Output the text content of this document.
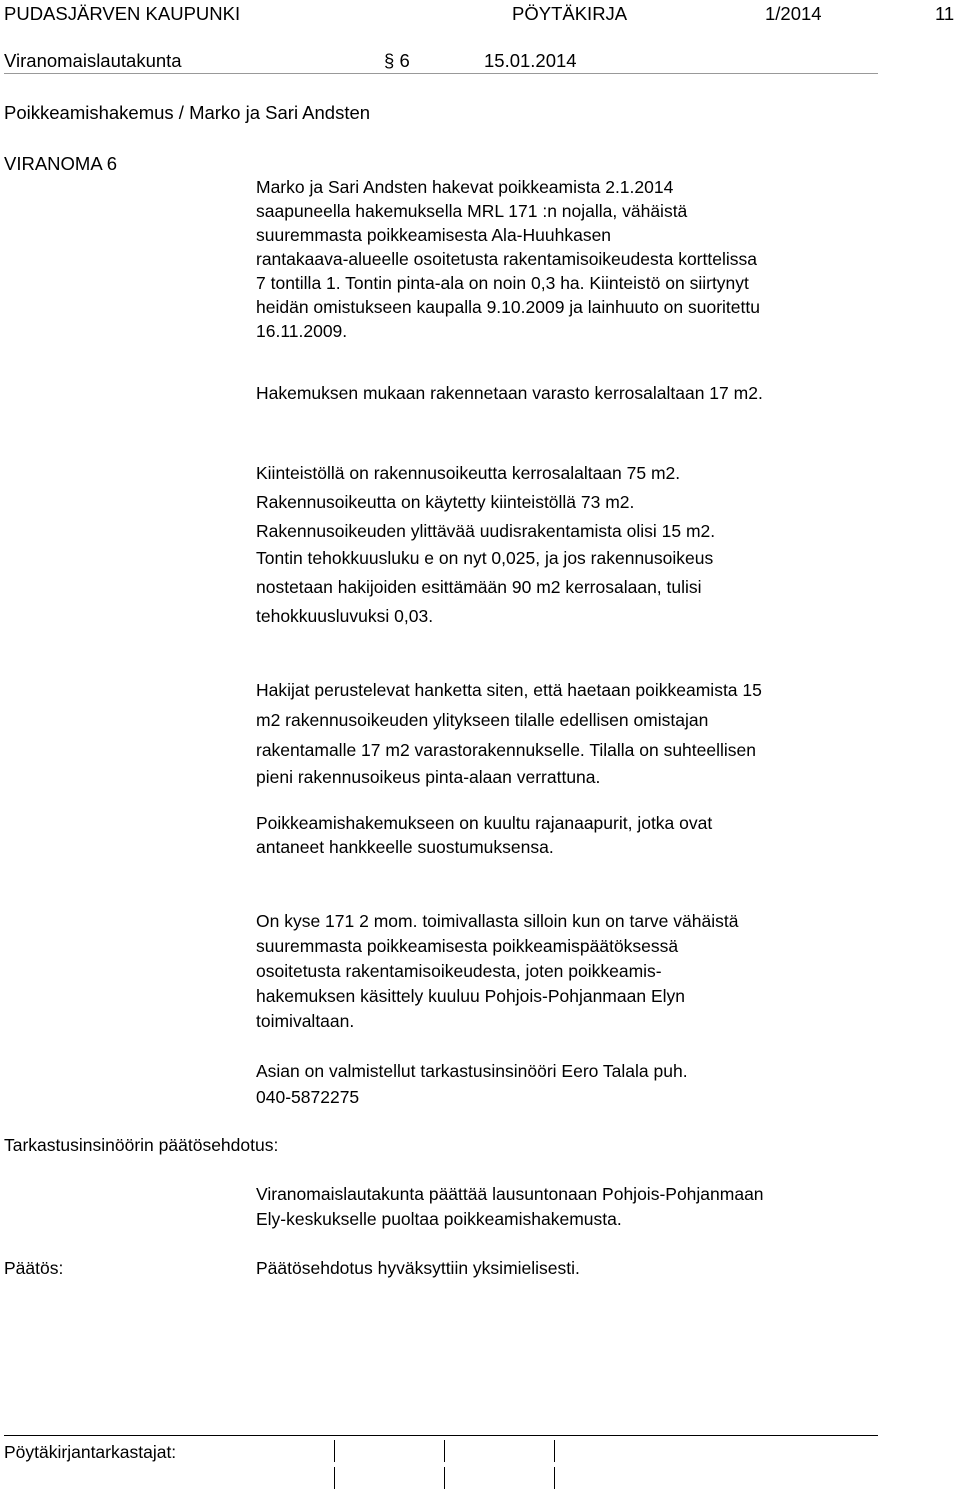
PUDASJÄRVEN KAUPUNKI	PÖYTÄKIRJA	1/2014	11
Viranomaislautakunta	§ 6	15.01.2014
Poikkeamishakemus / Marko ja Sari Andsten
VIRANOMA 6

Marko ja Sari Andsten hakevat poikkeamista 2.1.2014

saapuneella hakemuksella MRL 171 :n nojalla, vähäistä

suuremmasta poikkeamisesta Ala-Huuhkasen

rantakaava-alueelle osoitetusta rakentamisoikeudesta korttelissa

7 tontilla 1. Tontin pinta-ala on noin 0,3 ha. Kiinteistö on siirtynyt

heidän omistukseen kaupalla 9.10.2009 ja lainhuuto on suoritettu

16.11.2009.

Hakemuksen mukaan rakennetaan varasto kerrosalaltaan 17 m2.

Kiinteistöllä on rakennusoikeutta kerrosalaltaan 75 m2.

Rakennusoikeutta on käytetty kiinteistöllä 73 m2.

Rakennusoikeuden ylittävää uudisrakentamista olisi 15 m2.

Tontin tehokkuusluku e on nyt 0,025, ja jos rakennusoikeus

nostetaan hakijoiden esittämään 90 m2 kerrosalaan, tulisi

tehokkuusluvuksi 0,03.

Hakijat perustelevat hanketta siten, että haetaan poikkeamista 15

m2 rakennusoikeuden ylitykseen tilalle edellisen omistajan

rakentamalle 17 m2 varastorakennukselle. Tilalla on suhteellisen

pieni rakennusoikeus pinta-alaan verrattuna.

Poikkeamishakemukseen on kuultu rajanaapurit, jotka ovat

antaneet hankkeelle suostumuksensa.

On kyse 171 2 mom. toimivallasta silloin kun on tarve vähäistä

suuremmasta poikkeamisesta poikkeamispäätöksessä

osoitetusta rakentamisoikeudesta, joten poikkeamis-

hakemuksen käsittely kuuluu Pohjois-Pohjanmaan Elyn

toimivaltaan.

Asian on valmistellut tarkastusinsinööri Eero Talala puh.

040-5872275

Tarkastusinsinöörin päätösehdotus:

Viranomaislautakunta päättää lausuntonaan Pohjois-Pohjanmaan

Ely-keskukselle puoltaa poikkeamishakemusta.

Päätös:	Päätösehdotus hyväksyttiin yksimielisesti.
Pöytäkirjantarkastajat:
